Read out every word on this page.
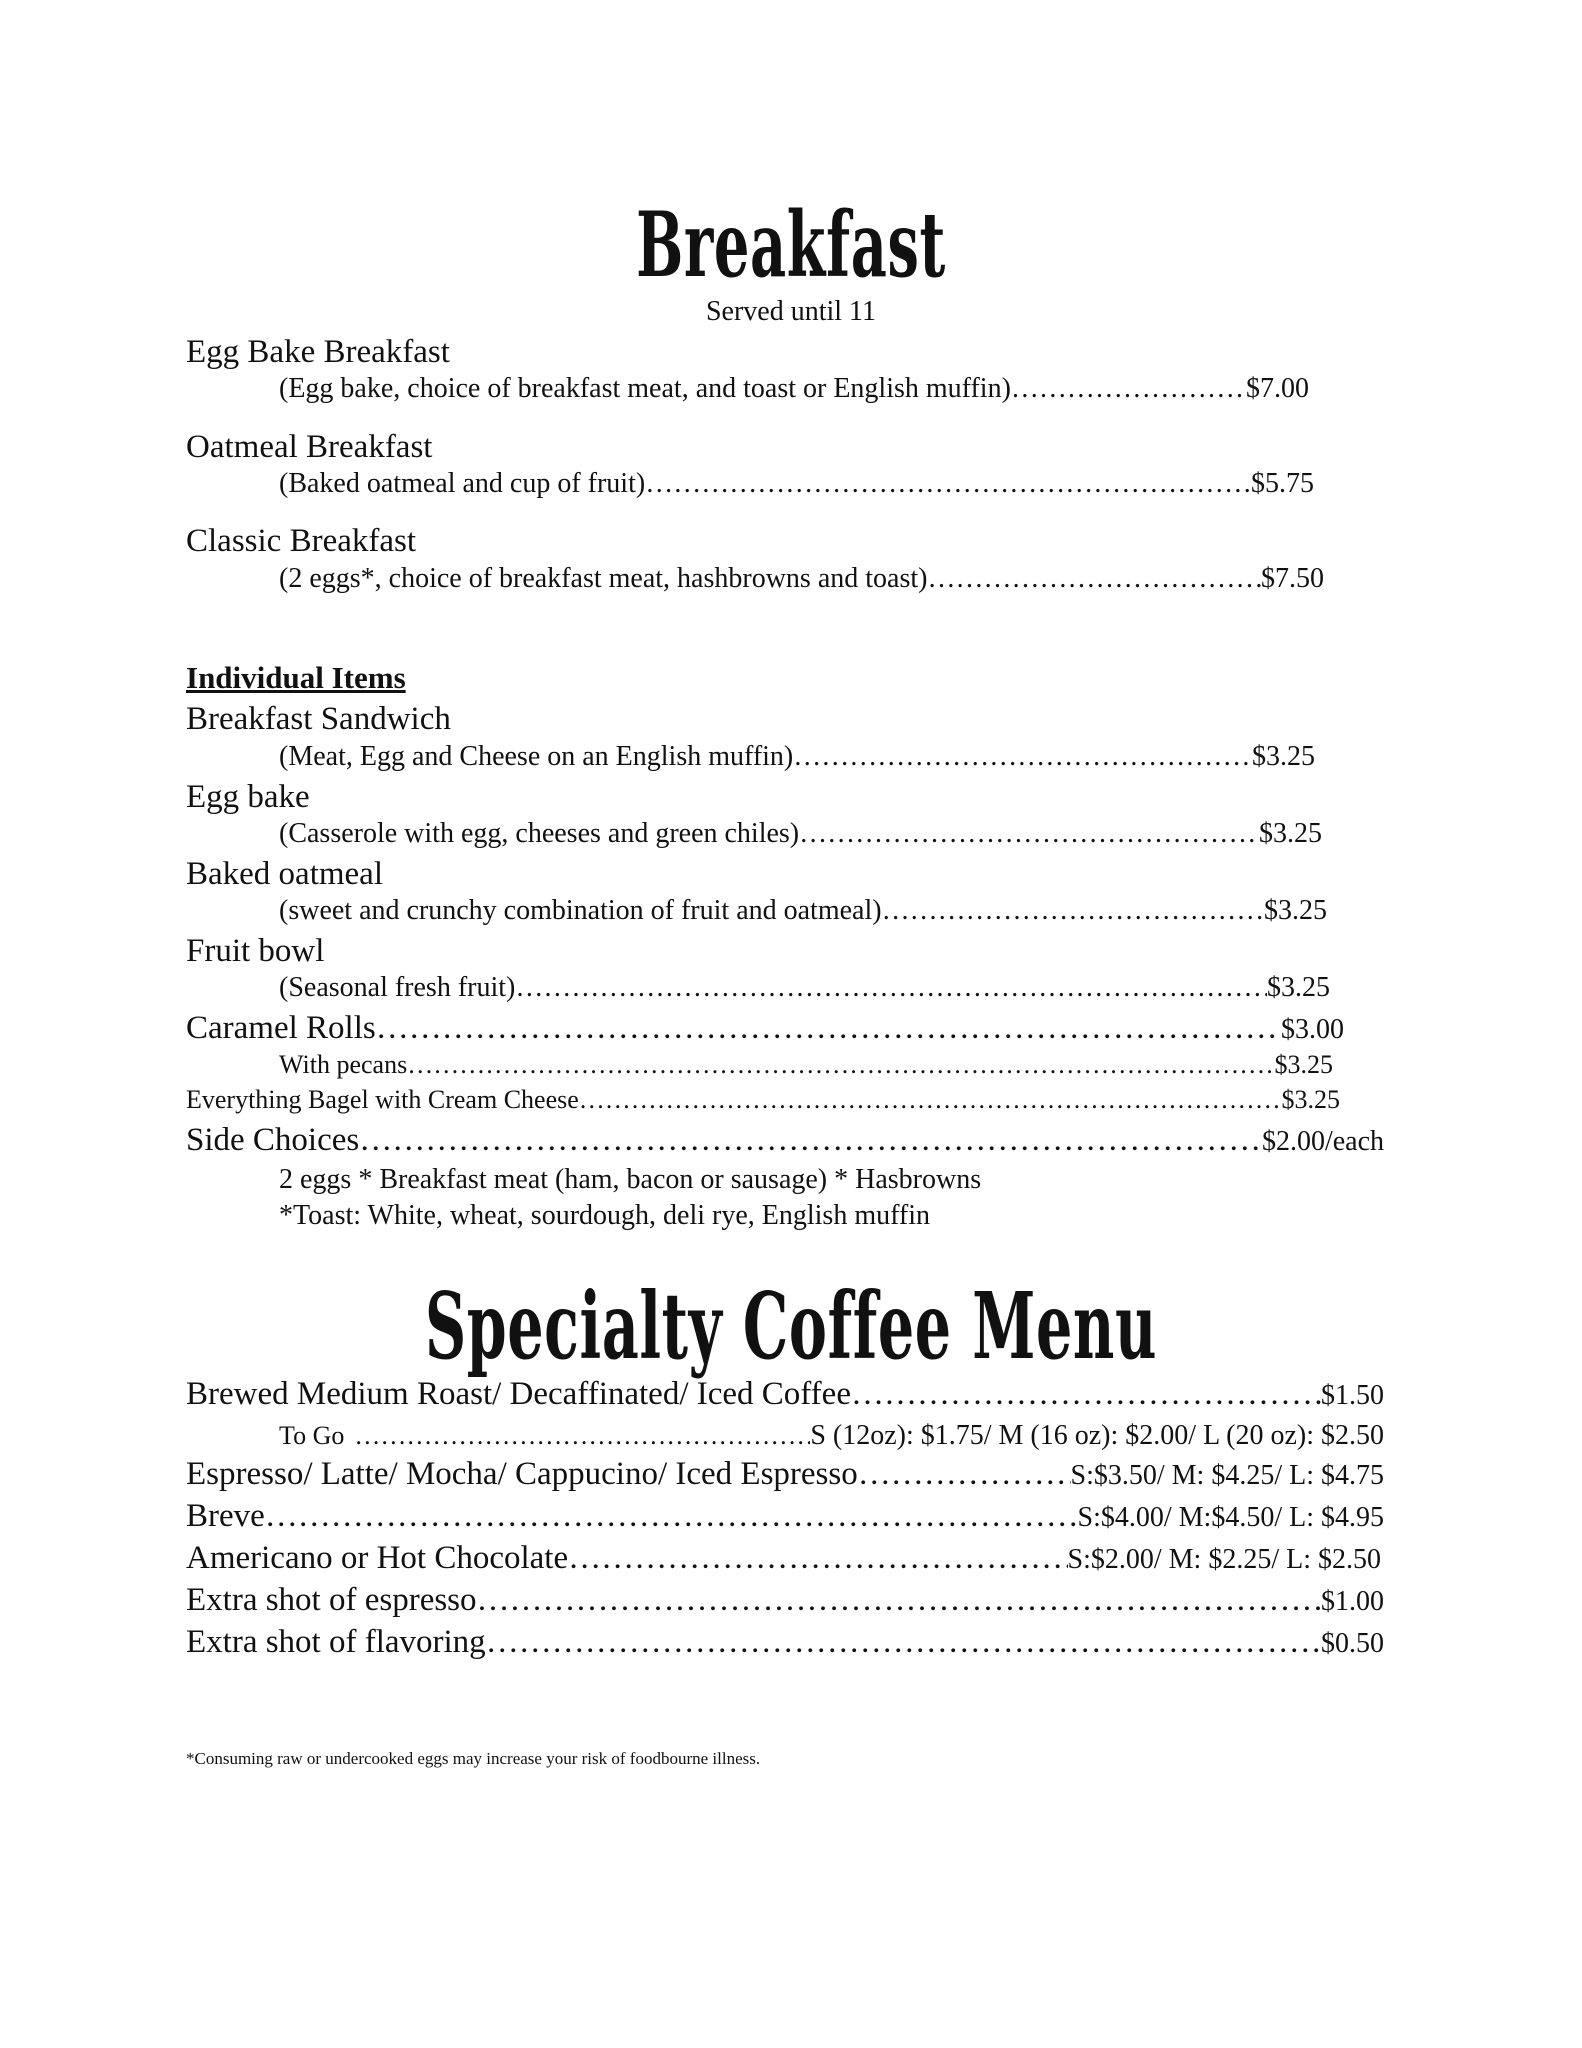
Breakfast
Served until 11
Egg Bake Breakfast
(Egg bake, choice of breakfast meat, and toast or English muffin) ……………………………………………………………………………………………………………………………………………………………………………………………………	$7.00
Oatmeal Breakfast
(Baked oatmeal and cup of fruit) ……………………………………………………………………………………………………………………………………………………………………………………………………	$5.75
Classic Breakfast
(2 eggs*, choice of breakfast meat, hashbrowns and toast) ……………………………………………………………………………………………………………………………………………………………………………………………………	$7.50
Individual Items
Breakfast Sandwich
(Meat, Egg and Cheese on an English muffin) ……………………………………………………………………………………………………………………………………………………………………………………………………	$3.25
Egg bake
(Casserole with egg, cheeses and green chiles) ……………………………………………………………………………………………………………………………………………………………………………………………………	$3.25
Baked oatmeal
(sweet and crunchy combination of fruit and oatmeal) ……………………………………………………………………………………………………………………………………………………………………………………………………	$3.25
Fruit bowl
(Seasonal fresh fruit) ……………………………………………………………………………………………………………………………………………………………………………………………………	$3.25
Caramel Rolls ……………………………………………………………………………………………………………………………………………………………………………………………………	$3.00
With pecans ……………………………………………………………………………………………………………………………………………………………………………………………………	$3.25
Everything Bagel with Cream Cheese ……………………………………………………………………………………………………………………………………………………………………………………………………	$3.25
Side Choices ……………………………………………………………………………………………………………………………………………………………………………………………………	$2.00/each
2 eggs * Breakfast meat (ham, bacon or sausage) * Hasbrowns
*Toast: White, wheat, sourdough, deli rye, English muffin
Specialty Coffee Menu
Brewed Medium Roast/ Decaffinated/ Iced Coffee ……………………………………………………………………………………………………………………………………………………………………………………………………	$1.50
To Go ……………………………………………………………………………………………………………………………………………………………………………………………………	S (12oz): $1.75/ M (16 oz): $2.00/ L (20 oz): $2.50
Espresso/ Latte/ Mocha/ Cappucino/ Iced Espresso ……………………………………………………………………………………………………………………………………………………………………………………………………	S:$3.50/ M: $4.25/ L: $4.75
Breve ……………………………………………………………………………………………………………………………………………………………………………………………………	S:$4.00/ M:$4.50/ L: $4.95
Americano or Hot Chocolate ……………………………………………………………………………………………………………………………………………………………………………………………………	S:$2.00/ M: $2.25/ L: $2.50
Extra shot of espresso ……………………………………………………………………………………………………………………………………………………………………………………………………	$1.00
Extra shot of flavoring ……………………………………………………………………………………………………………………………………………………………………………………………………	$0.50
*Consuming raw or undercooked eggs may increase your risk of foodbourne illness.
